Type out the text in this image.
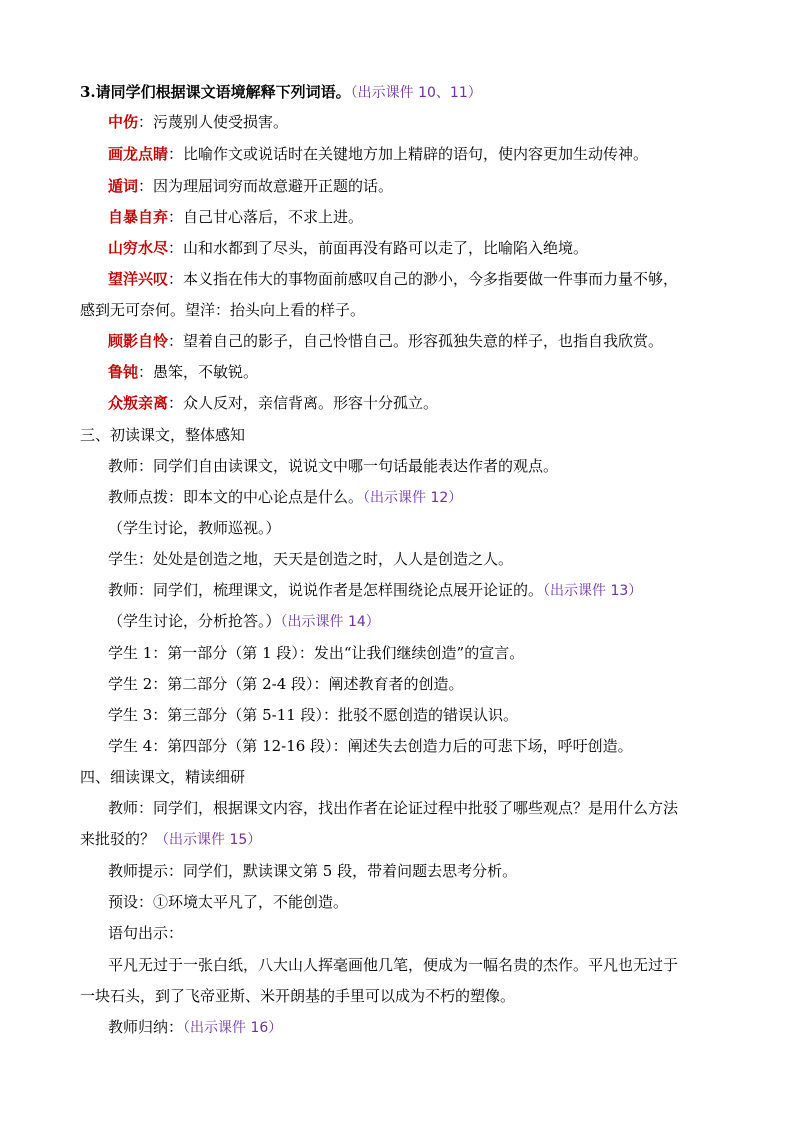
3.请同学们根据课文语境解释下列词语。（出示课件 10、11）
中伤：污蔑别人使受损害。
画龙点睛：比喻作文或说话时在关键地方加上精辟的语句，使内容更加生动传神。
遁词：因为理屈词穷而故意避开正题的话。
自暴自弃：自己甘心落后，不求上进。
山穷水尽：山和水都到了尽头，前面再没有路可以走了，比喻陷入绝境。
望洋兴叹：本义指在伟大的事物面前感叹自己的渺小，今多指要做一件事而力量不够，
感到无可奈何。望洋：抬头向上看的样子。
顾影自怜：望着自己的影子，自己怜惜自己。形容孤独失意的样子，也指自我欣赏。
鲁钝：愚笨，不敏锐。
众叛亲离：众人反对，亲信背离。形容十分孤立。
三、初读课文，整体感知
教师：同学们自由读课文，说说文中哪一句话最能表达作者的观点。
教师点拨：即本文的中心论点是什么。（出示课件 12）
（学生讨论，教师巡视。）
学生：处处是创造之地，天天是创造之时，人人是创造之人。
教师：同学们，梳理课文，说说作者是怎样围绕论点展开论证的。（出示课件 13）
（学生讨论，分析抢答。）（出示课件 14）
学生 1：第一部分（第 1 段）：发出“让我们继续创造”的宣言。
学生 2：第二部分（第 2-4 段）：阐述教育者的创造。
学生 3：第三部分（第 5-11 段）：批驳不愿创造的错误认识。
学生 4：第四部分（第 12-16 段）：阐述失去创造力后的可悲下场，呼吁创造。
四、细读课文，精读细研
教师：同学们，根据课文内容，找出作者在论证过程中批驳了哪些观点？是用什么方法
来批驳的？（出示课件 15）
教师提示：同学们，默读课文第 5 段，带着问题去思考分析。
预设：①环境太平凡了，不能创造。
语句出示：
平凡无过于一张白纸，八大山人挥毫画他几笔，便成为一幅名贵的杰作。平凡也无过于
一块石头，到了飞帝亚斯、米开朗基的手里可以成为不朽的塑像。
教师归纳：（出示课件 16）
